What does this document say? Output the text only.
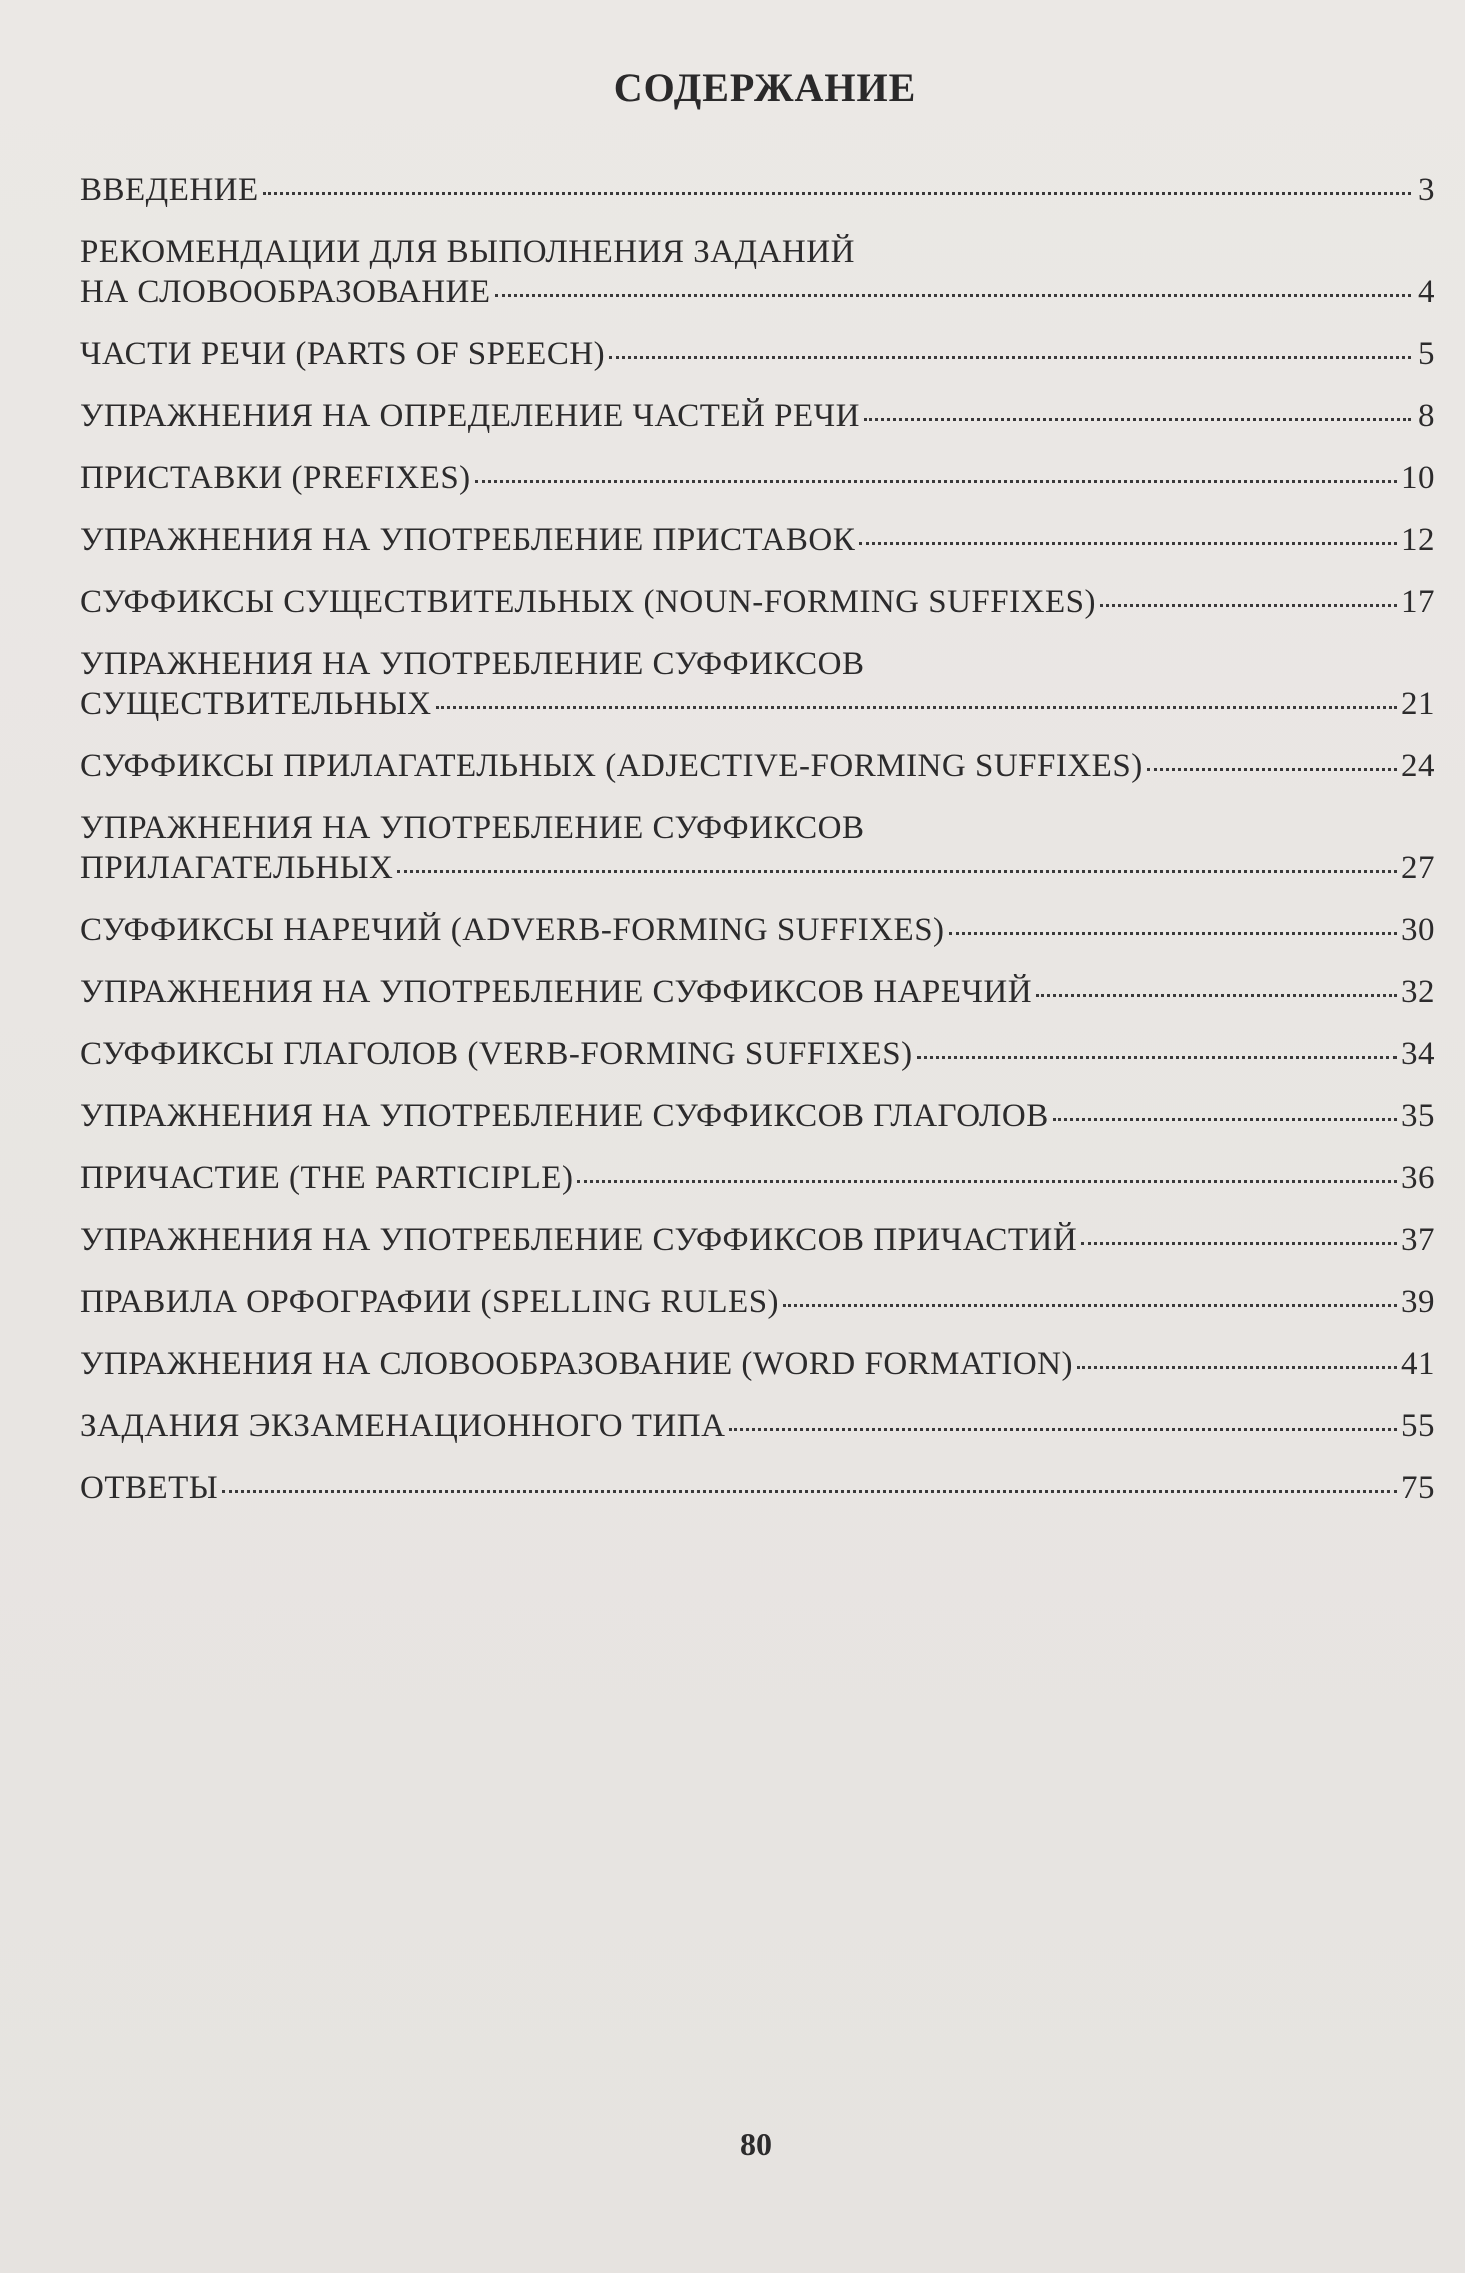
СОДЕРЖАНИЕ
ВВЕДЕНИЕ	3
РЕКОМЕНДАЦИИ ДЛЯ ВЫПОЛНЕНИЯ ЗАДАНИЙ
НА СЛОВООБРАЗОВАНИЕ	4
ЧАСТИ РЕЧИ (PARTS OF SPEECH)	5
УПРАЖНЕНИЯ НА ОПРЕДЕЛЕНИЕ ЧАСТЕЙ РЕЧИ	8
ПРИСТАВКИ (PREFIXES)	10
УПРАЖНЕНИЯ НА УПОТРЕБЛЕНИЕ ПРИСТАВОК	12
СУФФИКСЫ СУЩЕСТВИТЕЛЬНЫХ (NOUN-FORMING SUFFIXES)	17
УПРАЖНЕНИЯ НА УПОТРЕБЛЕНИЕ СУФФИКСОВ
СУЩЕСТВИТЕЛЬНЫХ	21
СУФФИКСЫ ПРИЛАГАТЕЛЬНЫХ (ADJECTIVE-FORMING SUFFIXES)	24
УПРАЖНЕНИЯ НА УПОТРЕБЛЕНИЕ СУФФИКСОВ
ПРИЛАГАТЕЛЬНЫХ	27
СУФФИКСЫ НАРЕЧИЙ (ADVERB-FORMING SUFFIXES)	30
УПРАЖНЕНИЯ НА УПОТРЕБЛЕНИЕ СУФФИКСОВ НАРЕЧИЙ	32
СУФФИКСЫ ГЛАГОЛОВ (VERB-FORMING SUFFIXES)	34
УПРАЖНЕНИЯ НА УПОТРЕБЛЕНИЕ СУФФИКСОВ ГЛАГОЛОВ	35
ПРИЧАСТИЕ (THE PARTICIPLE)	36
УПРАЖНЕНИЯ НА УПОТРЕБЛЕНИЕ СУФФИКСОВ ПРИЧАСТИЙ	37
ПРАВИЛА ОРФОГРАФИИ (SPELLING RULES)	39
УПРАЖНЕНИЯ НА СЛОВООБРАЗОВАНИЕ (WORD FORMATION)	41
ЗАДАНИЯ ЭКЗАМЕНАЦИОННОГО ТИПА	55
ОТВЕТЫ	75
80
